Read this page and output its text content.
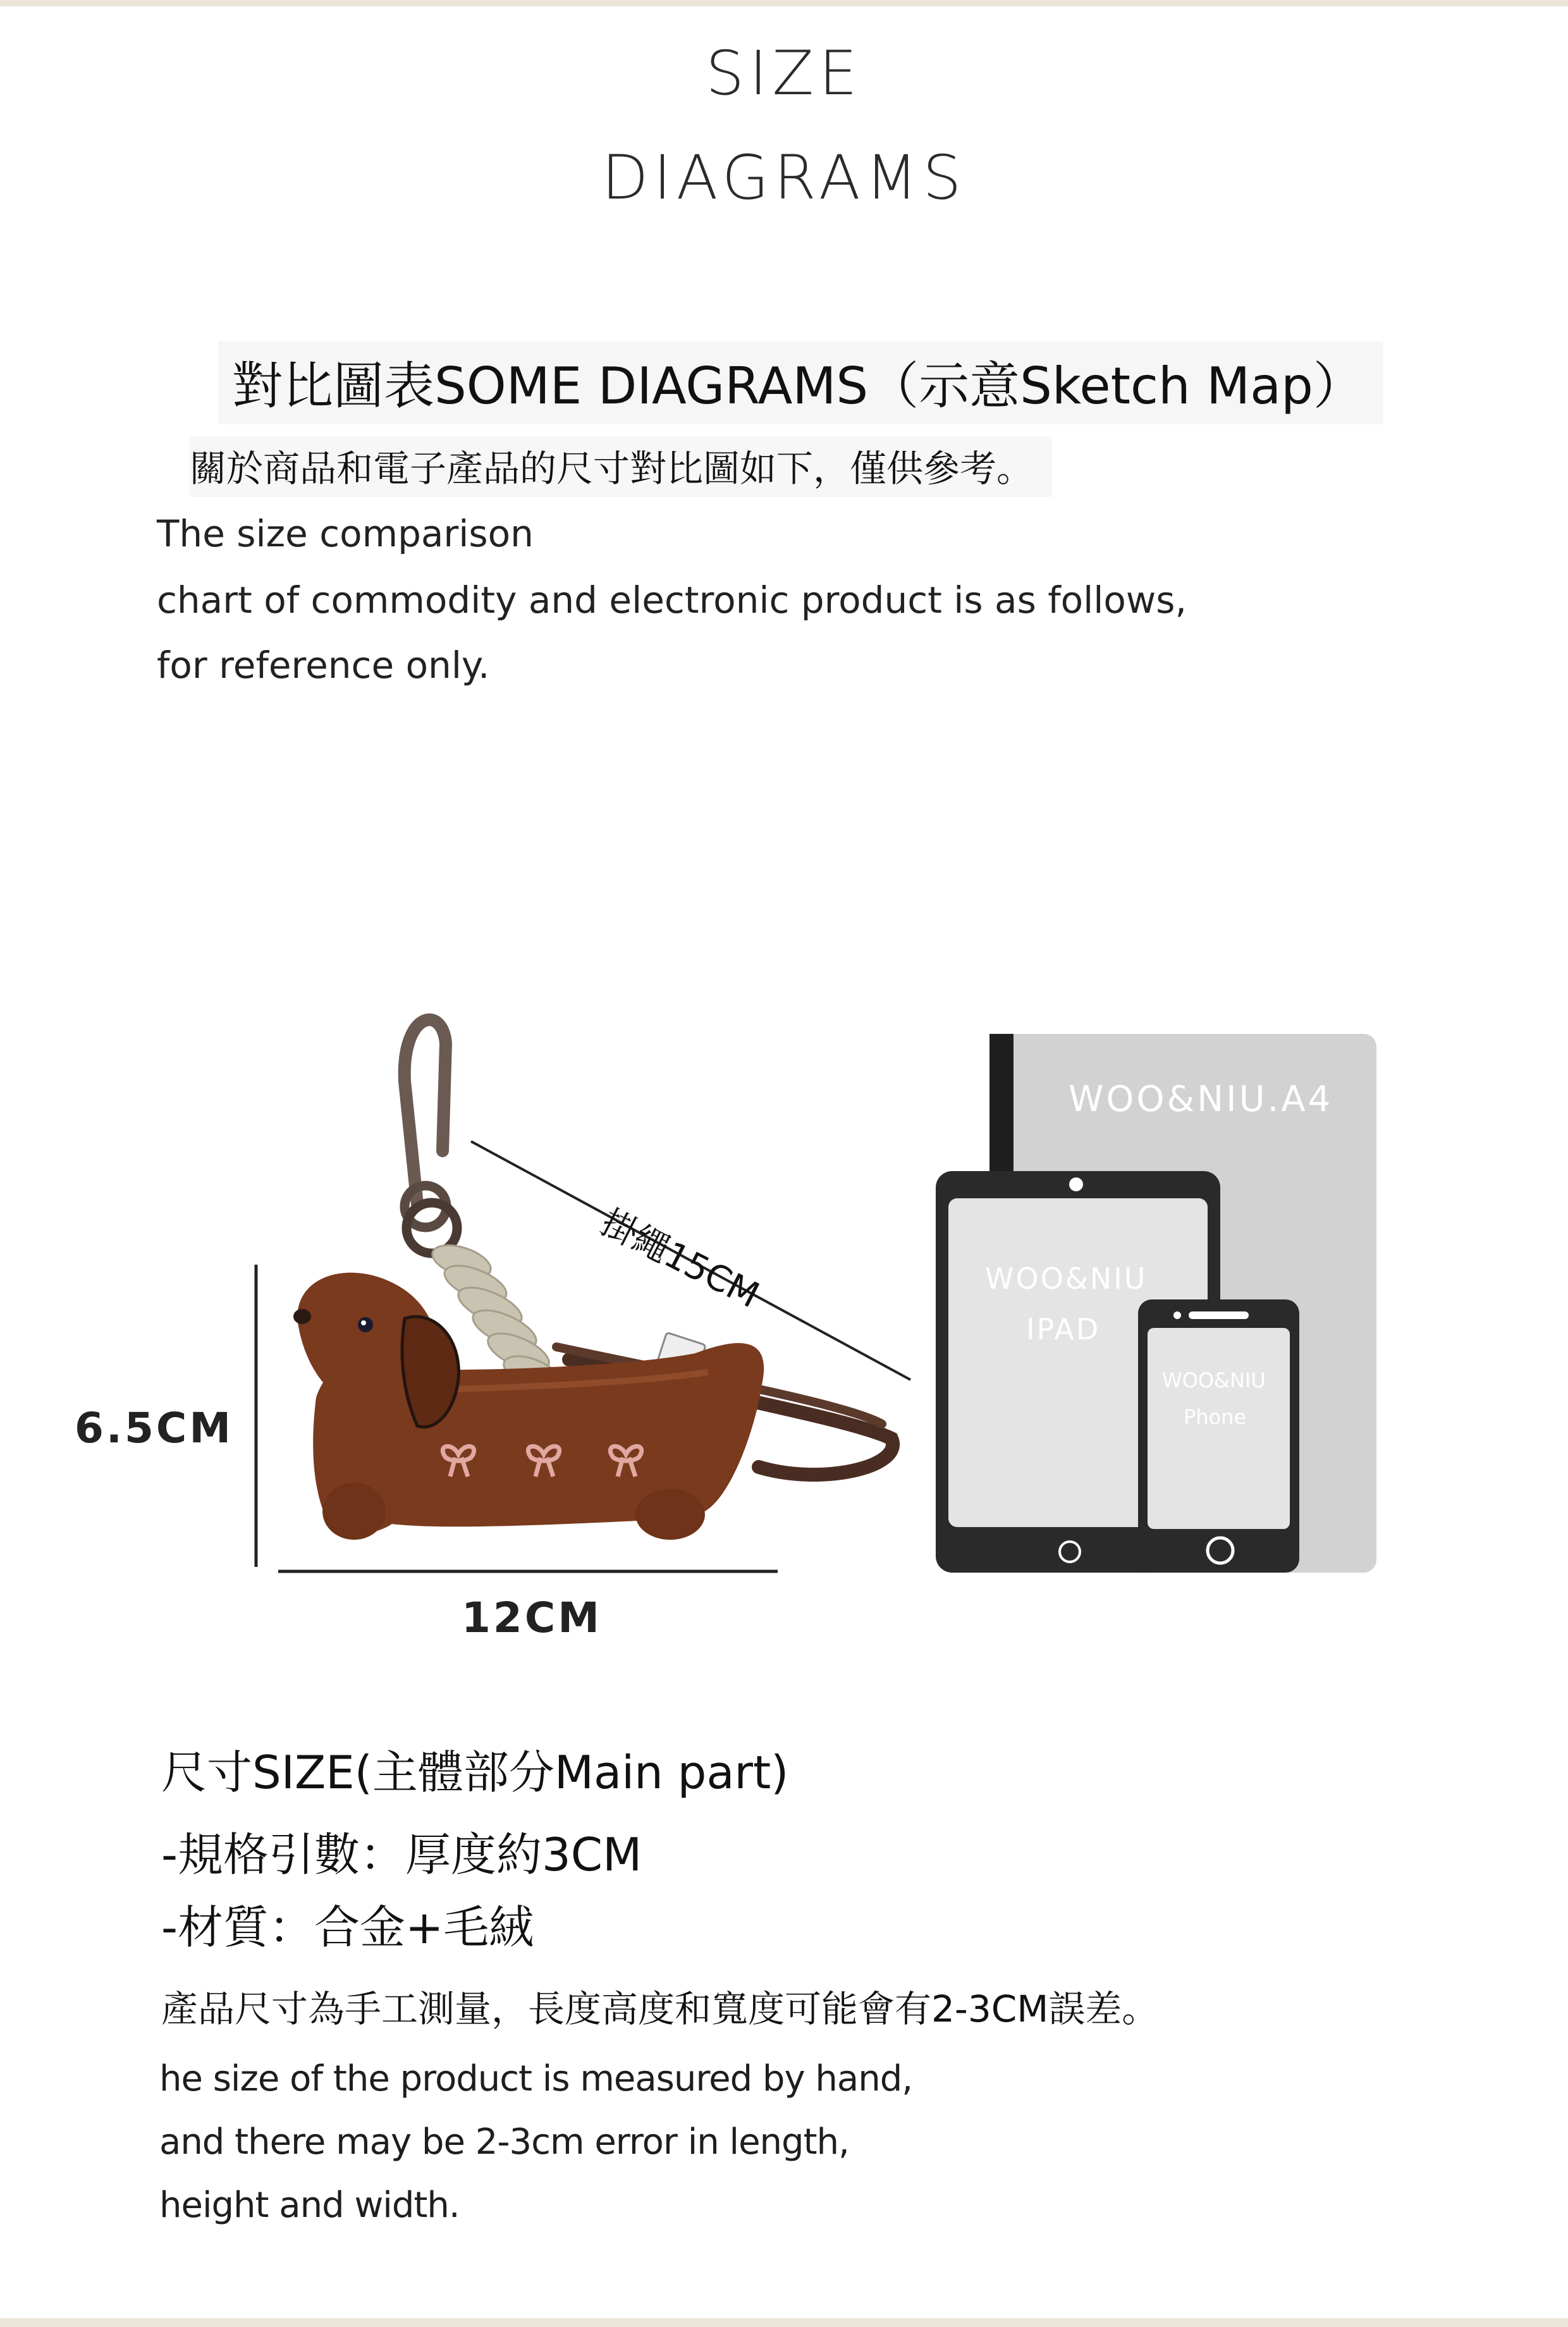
SIZE
DIAGRAMS
對比圖表SOME DIAGRAMS（示意Sketch Map）
關於商品和電子產品的尺寸對比圖如下，僅供參考。
The size comparison
chart of commodity and electronic product is as follows,
for reference only.
WOO&NIU.A4
WOO&NIU
IPAD
WOO&NIU
Phone
6.5CM
12CM
掛繩15CM
尺寸SIZE(主體部分Main part)
-規格引數：厚度約3CM
-材質：合金+毛絨
產品尺寸為手工測量，長度高度和寬度可能會有2-3CM誤差。
he size of the product is measured by hand,
and there may be 2-3cm error in length,
height and width.
